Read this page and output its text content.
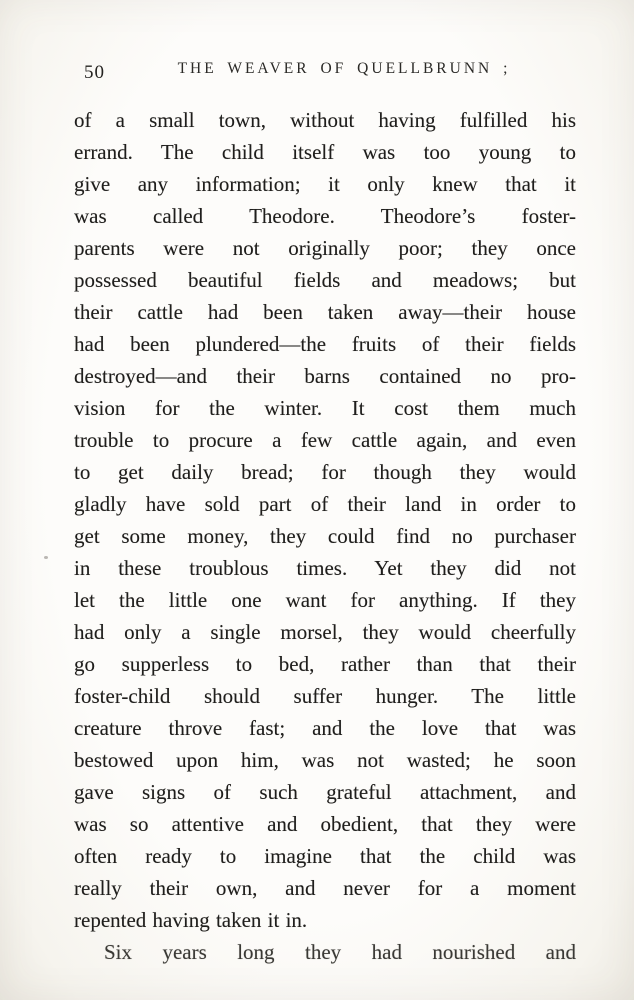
50	THE WEAVER OF QUELLBRUNN ;
of a small town, without having fulfilled his
errand. The child itself was too young to
give any information; it only knew that it
was called Theodore. Theodore’s foster-
parents were not originally poor; they once
possessed beautiful fields and meadows; but
their cattle had been taken away—their house
had been plundered—the fruits of their fields
destroyed—and their barns contained no pro-
vision for the winter. It cost them much
trouble to procure a few cattle again, and even
to get daily bread; for though they would
gladly have sold part of their land in order to
get some money, they could find no purchaser
in these troublous times. Yet they did not
let the little one want for anything. If they
had only a single morsel, they would cheerfully
go supperless to bed, rather than that their
foster-child should suffer hunger. The little
creature throve fast; and the love that was
bestowed upon him, was not wasted; he soon
gave signs of such grateful attachment, and
was so attentive and obedient, that they were
often ready to imagine that the child was
really their own, and never for a moment
repented having taken it in.
Six years long they had nourished and
